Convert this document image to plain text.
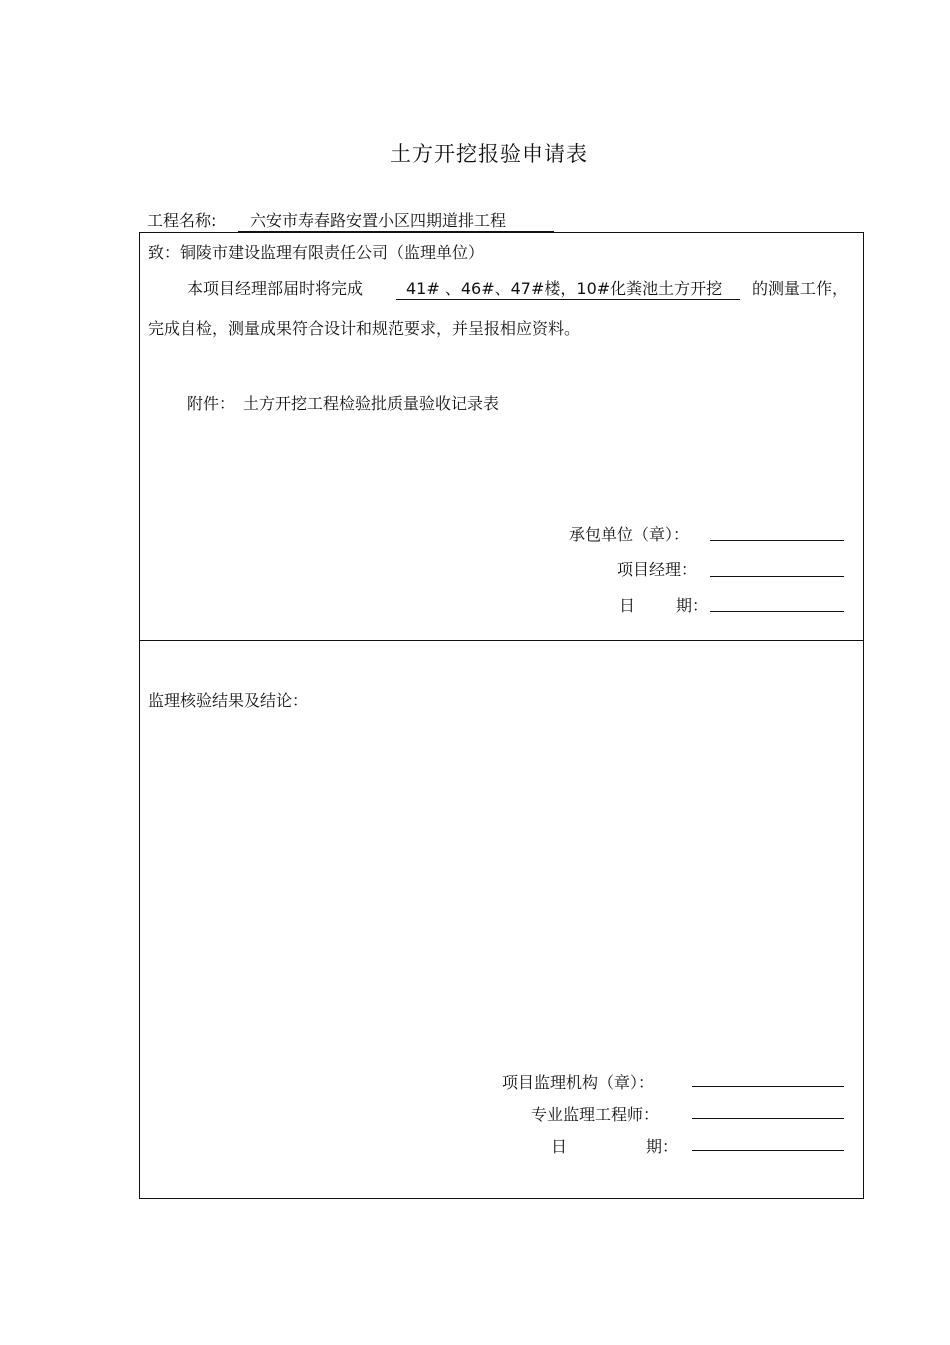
土方开挖报验申请表
工程名称:	六安市寿春路安置小区四期道排工程
致：铜陵市建设监理有限责任公司（监理单位）
本项目经理部届时将完成	41# 、46#、47#楼，10#化粪池土方开挖	的测量工作，
完成自检，测量成果符合设计和规范要求，并呈报相应资料。
附件： 土方开挖工程检验批质量验收记录表
承包单位（章）：
项目经理：
日	期：
监理核验结果及结论：
项目监理机构（章）：
专业监理工程师：
日	期：
